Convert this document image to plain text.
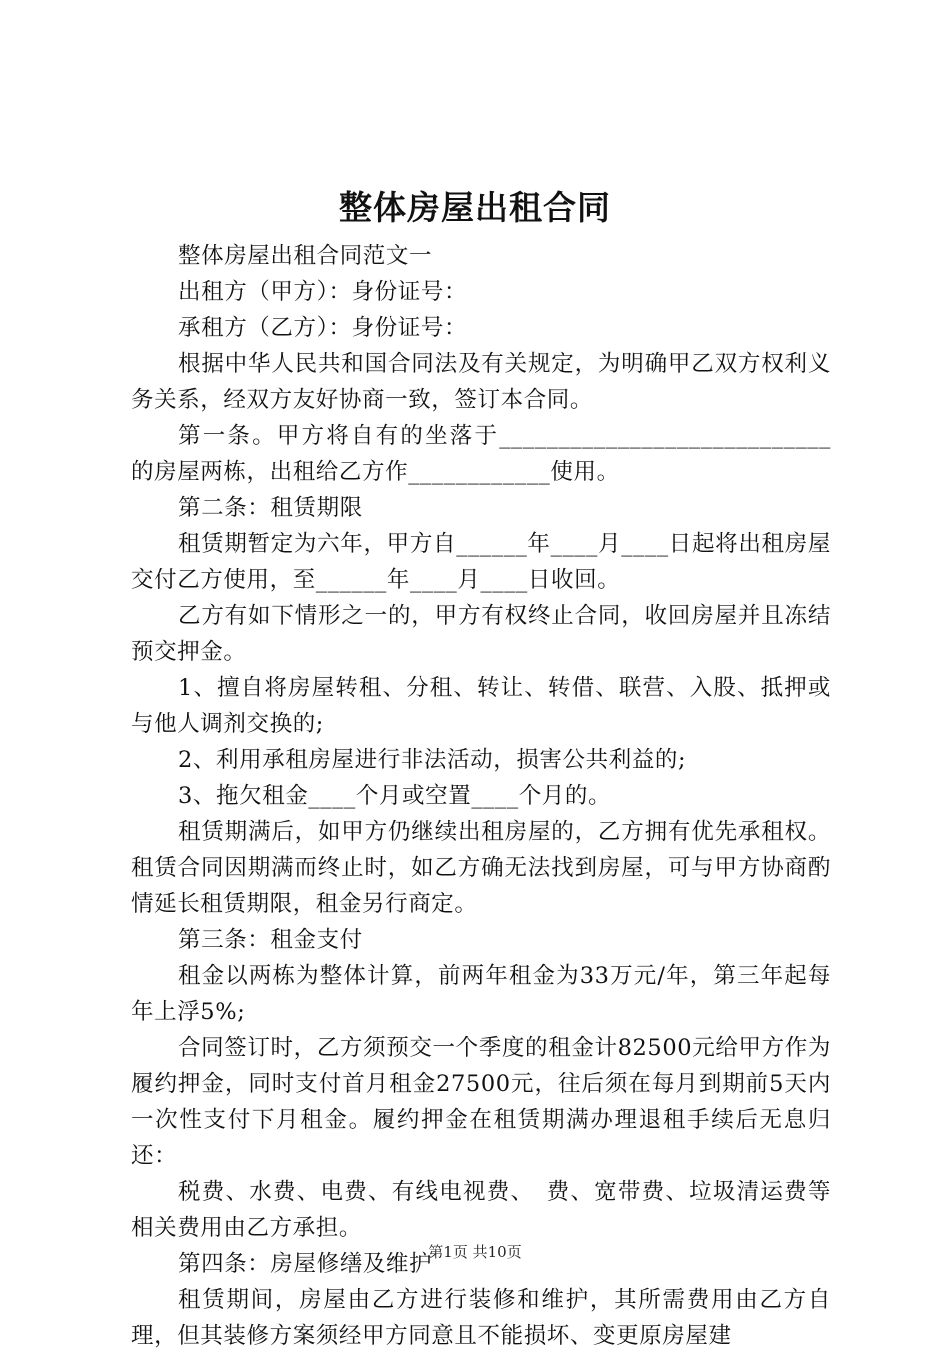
整体房屋出租合同

整体房屋出租合同范文一

出租方（甲方）：身份证号：

承租方（乙方）：身份证号：

根据中华人民共和国合同法及有关规定，为明确甲乙双方权利义务关系，经双方友好协商一致，签订本合同。

第一条。甲方将自有的坐落于____________________________的房屋两栋，出租给乙方作____________使用。

第二条：租赁期限

租赁期暂定为六年，甲方自______年____月____日起将出租房屋交付乙方使用，至______年____月____日收回。

乙方有如下情形之一的，甲方有权终止合同，收回房屋并且冻结预交押金。

1、擅自将房屋转租、分租、转让、转借、联营、入股、抵押或与他人调剂交换的;

2、利用承租房屋进行非法活动，损害公共利益的;

3、拖欠租金____个月或空置____个月的。

租赁期满后，如甲方仍继续出租房屋的，乙方拥有优先承租权。租赁合同因期满而终止时，如乙方确无法找到房屋，可与甲方协商酌情延长租赁期限，租金另行商定。

第三条：租金支付

租金以两栋为整体计算，前两年租金为33万元/年，第三年起每年上浮5%;

合同签订时，乙方须预交一个季度的租金计82500元给甲方作为履约押金，同时支付首月租金27500元，往后须在每月到期前5天内一次性支付下月租金。履约押金在租赁期满办理退租手续后无息归还：

税费、水费、电费、有线电视费、　费、宽带费、垃圾清运费等相关费用由乙方承担。

第四条：房屋修缮及维护

租赁期间，房屋由乙方进行装修和维护，其所需费用由乙方自理，但其装修方案须经甲方同意且不能损坏、变更原房屋建

第1页 共10页
